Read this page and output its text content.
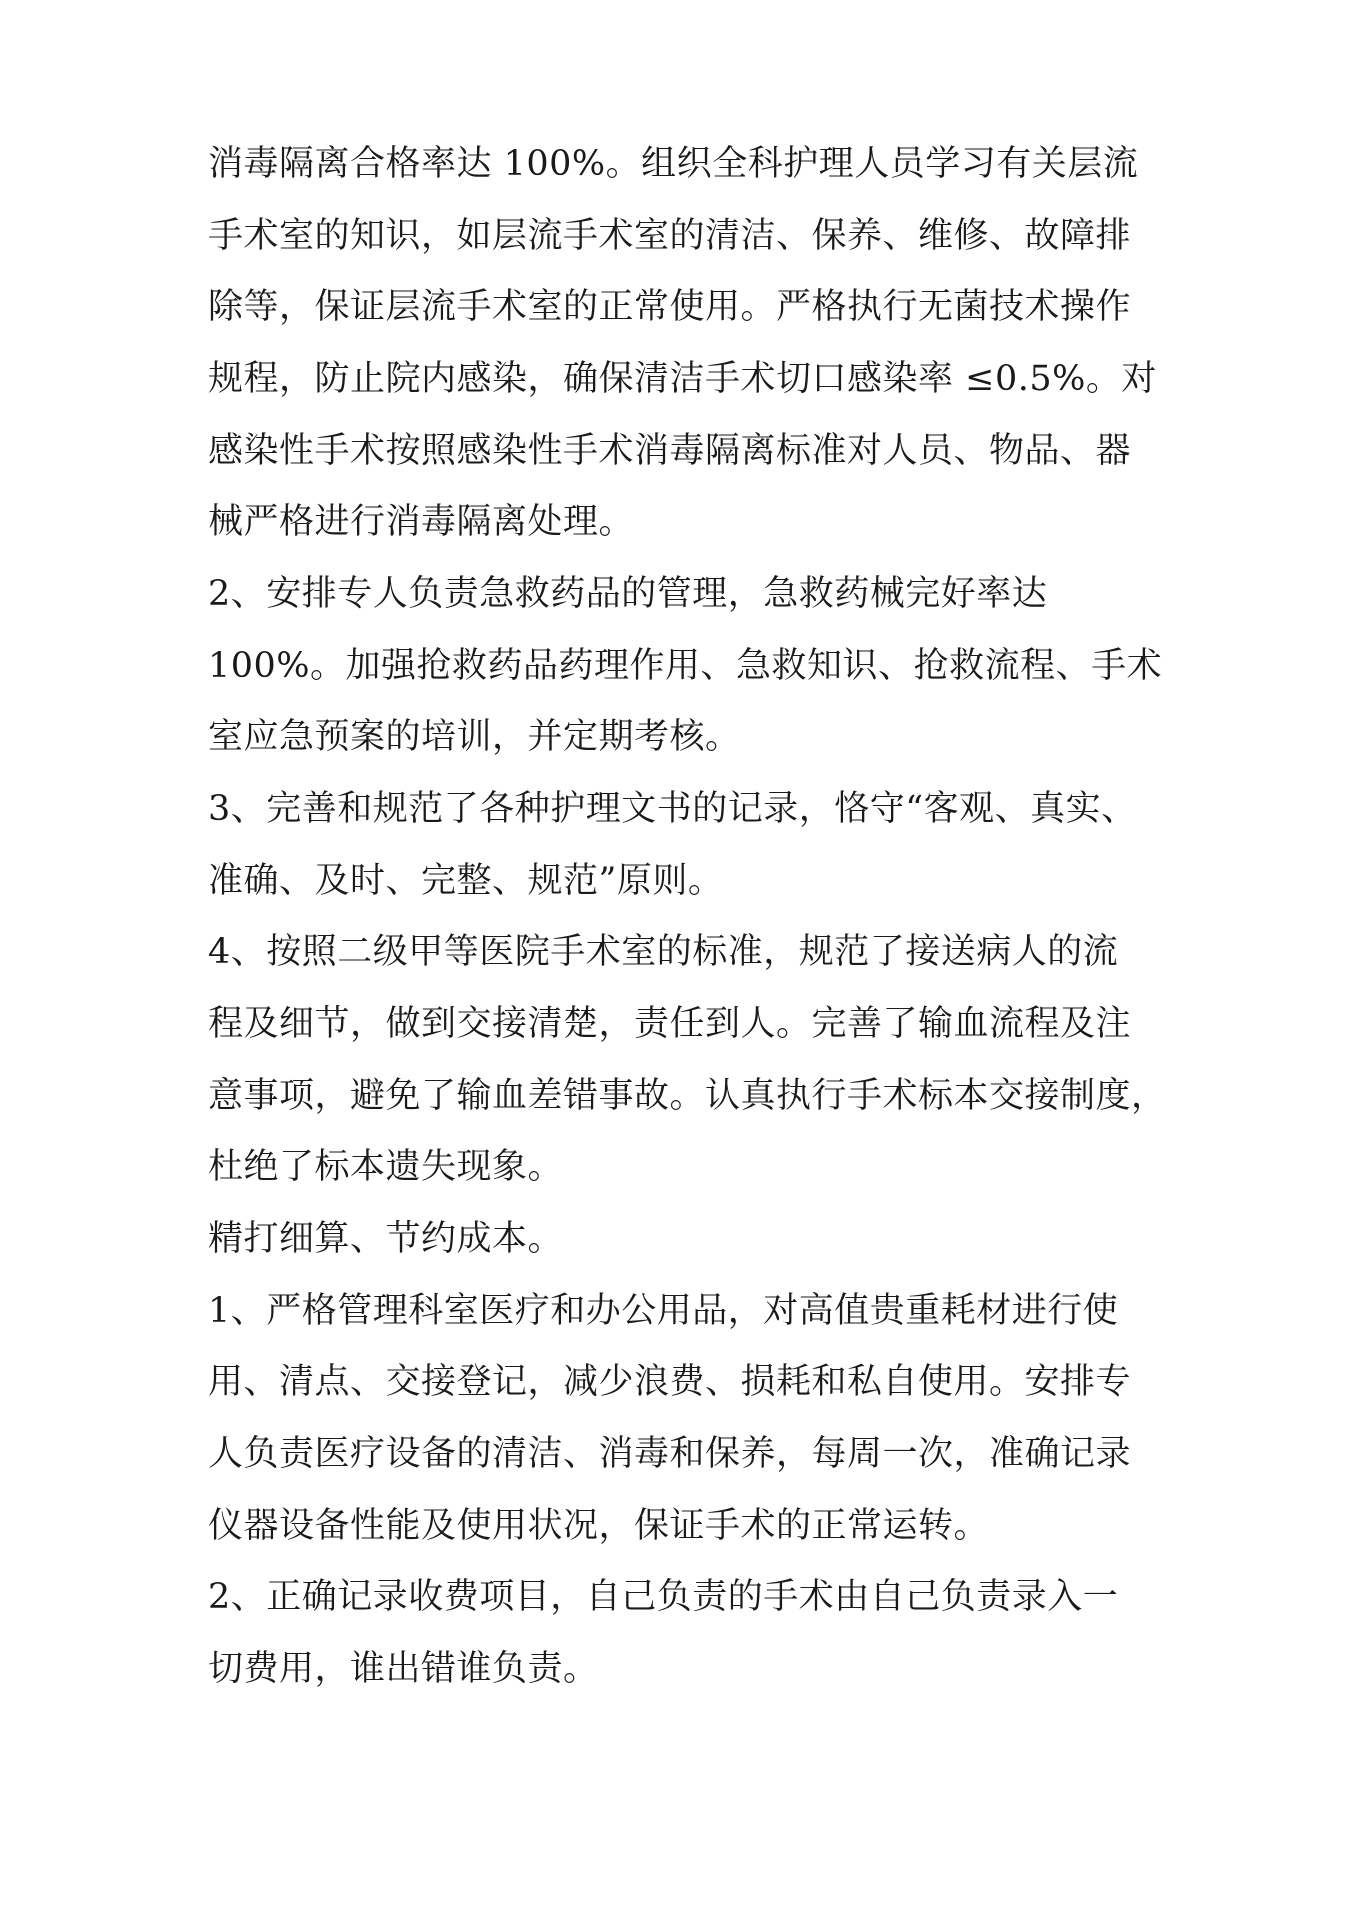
消毒隔离合格率达 100%。组织全科护理人员学习有关层流

手术室的知识，如层流手术室的清洁、保养、维修、故障排

除等，保证层流手术室的正常使用。严格执行无菌技术操作

规程，防止院内感染，确保清洁手术切口感染率 ≤0.5%。对

感染性手术按照感染性手术消毒隔离标准对人员、物品、器

械严格进行消毒隔离处理。

2、安排专人负责急救药品的管理，急救药械完好率达

100%。加强抢救药品药理作用、急救知识、抢救流程、手术

室应急预案的培训，并定期考核。

3、完善和规范了各种护理文书的记录，恪守“客观、真实、

准确、及时、完整、规范”原则。

4、按照二级甲等医院手术室的标准，规范了接送病人的流

程及细节，做到交接清楚，责任到人。完善了输血流程及注

意事项，避免了输血差错事故。认真执行手术标本交接制度，

杜绝了标本遗失现象。

精打细算、节约成本。

1、严格管理科室医疗和办公用品，对高值贵重耗材进行使

用、清点、交接登记，减少浪费、损耗和私自使用。安排专

人负责医疗设备的清洁、消毒和保养，每周一次，准确记录

仪器设备性能及使用状况，保证手术的正常运转。

2、正确记录收费项目，自己负责的手术由自己负责录入一

切费用，谁出错谁负责。
